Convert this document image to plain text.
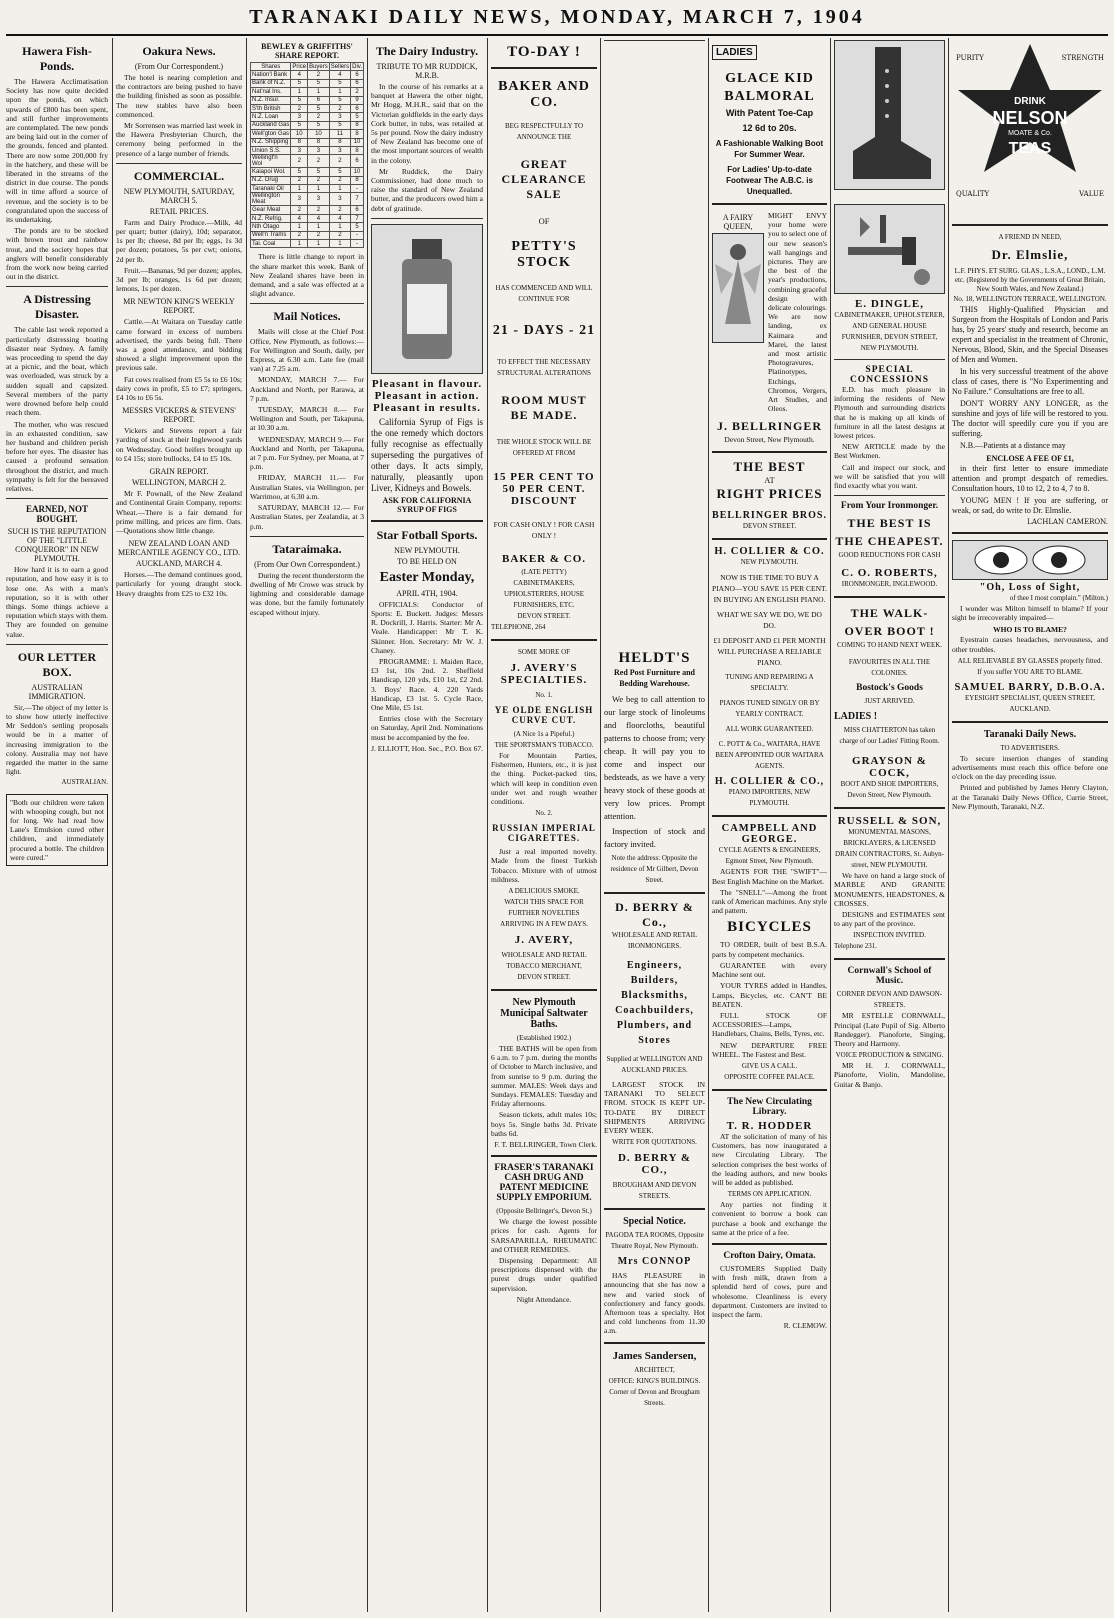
TARANAKI DAILY NEWS, MONDAY, MARCH 7, 1904
Hawera Fish-Ponds.
The Hawera Acclimatisation Society has now quite decided upon the ponds, on which upwards of £800 has been spent, and still further improvements are contemplated. The new ponds are being laid out in the corner of the grounds, fenced and planted. There are now some 200,000 fry in the hatchery, and these will be liberated in the streams of the district in due course. The ponds will in time afford a source of revenue, and the society is to be congratulated upon the success of its undertaking.
The ponds are to be stocked with brown trout and rainbow trout, and the society hopes that anglers will benefit considerably from the work now being carried out in the district.
A Distressing Disaster.
The cable last week reported a particularly distressing boating disaster near Sydney. A family was proceeding to spend the day at a picnic, and the boat, which was overloaded, was struck by a sudden squall and capsized. Several members of the party were drowned before help could reach them.
The mother, who was rescued in an exhausted condition, saw her husband and children perish before her eyes. The disaster has caused a profound sensation throughout the district, and much sympathy is felt for the bereaved relatives.
EARNED, NOT BOUGHT.
SUCH IS THE REPUTATION OF THE "LITTLE CONQUEROR" IN NEW PLYMOUTH.
How hard it is to earn a good reputation, and how easy it is to lose one. As with a man's reputation, so it is with other things. Some things achieve a reputation which stays with them. They are founded on genuine value.
OUR LETTER BOX.
AUSTRALIAN IMMIGRATION.
Sir,—The object of my letter is to show how utterly ineffective Mr Seddon's settling proposals would be in a matter of increasing immigration to the colony. Australia may not have regarded the matter in the same light.
AUSTRALIAN.
"Both our children were taken with whooping cough, but not for long. We had read how Lane's Emulsion cured other children, and immediately procured a bottle. The children were cured."
Oakura News.
(From Our Correspondent.)
The hotel is nearing completion and the contractors are being pushed to have the building finished as soon as possible. The new stables have also been commenced.
Mr Sorrensen was married last week in the Hawera Presbyterian Church, the ceremony being performed in the presence of a large number of friends.
COMMERCIAL.
NEW PLYMOUTH, SATURDAY, MARCH 5.
RETAIL PRICES.
Farm and Dairy Produce.—Milk, 4d per quart; butter (dairy), 10d; separator, 1s per lb; cheese, 8d per lb; eggs, 1s 3d per dozen; potatoes, 5s per cwt; onions, 2d per lb.
Fruit.—Bananas, 9d per dozen; apples, 3d per lb; oranges, 1s 6d per dozen; lemons, 1s per dozen.
MR NEWTON KING'S WEEKLY REPORT.
Cattle.—At Waitara on Tuesday cattle came forward in excess of numbers advertised, the yards being full. There was a good attendance, and bidding showed a slight improvement upon the previous sale.
Fat cows realised from £5 5s to £6 10s; dairy cows in profit, £5 to £7; springers, £4 10s to £6 5s.
MESSRS VICKERS & STEVENS' REPORT.
Vickers and Stevens report a fair yarding of stock at their Inglewood yards on Wednesday. Good heifers brought up to £4 15s; store bullocks, £4 to £5 10s.
GRAIN REPORT.
WELLINGTON, MARCH 2.
Mr F. Pownall, of the New Zealand and Continental Grain Company, reports: Wheat.—There is a fair demand for prime milling, and prices are firm. Oats.—Quotations show little change.
NEW ZEALAND LOAN AND MERCANTILE AGENCY CO., LTD.
AUCKLAND, MARCH 4.
Horses.—The demand continues good, particularly for young draught stock. Heavy draughts from £25 to £32 10s.
BEWLEY & GRIFFITHS' SHARE REPORT.
Shares	Price	Buyers	Sellers	Div.
Nation'l Bank	4	2	4	6
Bank of N.Z.	5	5	5	6
Nat'nal Ins.	1	1	1	2
N.Z. Insur.	5	6	5	9
S'th British	2	5	2	6
N.Z. Loan	3	2	3	5
Auckland Gas	5	5	5	8
Well'gton Gas	10	10	11	8
N.Z. Shipping	8	8	8	10
Union S.S.	3	3	3	8
Wellingt'n Wol	2	2	2	6
Kaiapoi Wol.	5	5	5	10
N.Z. Drug	2	2	2	8
Taranaki Oil	1	1	1	-
Wellington Meat	3	3	3	7
Gear Meat	2	2	2	6
N.Z. Refrig.	4	4	4	7
Nth Otago	1	1	1	5
Well'n Trams	2	2	2	-
Tai. Coal	1	1	1	-
There is little change to report in the share market this week. Bank of New Zealand shares have been in demand, and a sale was effected at a slight advance.
Mail Notices.
Mails will close at the Chief Post Office, New Plymouth, as follows:— For Wellington and South, daily, per Express, at 6.30 a.m. Late fee (mail van) at 7.25 a.m.
MONDAY, MARCH 7.— For Auckland and North, per Rarawa, at 7 p.m.
TUESDAY, MARCH 8.— For Wellington and South, per Takapuna, at 10.30 a.m.
WEDNESDAY, MARCH 9.— For Auckland and North, per Takapuna, at 7 p.m. For Sydney, per Moana, at 7 p.m.
FRIDAY, MARCH 11.— For Australian States, via Wellington, per Warrimoo, at 6.30 a.m.
SATURDAY, MARCH 12.— For Australian States, per Zealandia, at 3 p.m.
Tataraimaka.
(From Our Own Correspondent.)
During the recent thunderstorm the dwelling of Mr Crowe was struck by lightning and considerable damage was done, but the family fortunately escaped without injury.
The Dairy Industry.
TRIBUTE TO MR RUDDICK, M.R.B.
In the course of his remarks at a banquet at Hawera the other night, Mr Hogg, M.H.R., said that on the Victorian goldfields in the early days Cork butter, in tubs, was retailed at 5s per pound. Now the dairy industry of New Zealand has become one of the most important sources of wealth in the colony.
Mr Ruddick, the Dairy Commissioner, had done much to raise the standard of New Zealand butter, and the producers owed him a debt of gratitude.
Pleasant in flavour.
Pleasant in action.
Pleasant in results.
California Syrup of Figs is the one remedy which doctors fully recognise as effectually superseding the purgatives of other days. It acts simply, naturally, pleasantly upon Liver, Kidneys and Bowels.
ASK FOR CALIFORNIA SYRUP OF FIGS
Star Fotball Sports.
NEW PLYMOUTH.
TO BE HELD ON
Easter Monday,
APRIL 4TH, 1904.
OFFICIALS: Conductor of Sports: E. Buckett. Judges: Messrs R. Dockrill, J. Harris. Starter: Mr A. Veale. Handicapper: Mr T. K. Skinner. Hon. Secretary: Mr W. J. Chaney.
PROGRAMME: 1. Maiden Race, £3 1st, 10s 2nd. 2. Sheffield Handicap, 120 yds, £10 1st, £2 2nd. 3. Boys' Race. 4. 220 Yards Handicap, £3 1st. 5. Cycle Race, One Mile, £5 1st.
Entries close with the Secretary on Saturday, April 2nd. Nominations must be accompanied by the fee.
J. ELLIOTT, Hon. Sec., P.O. Box 67.
TO-DAY !
BAKER AND CO.
BEG RESPECTFULLY TO ANNOUNCE THE
GREAT CLEARANCE SALE
OF
PETTY'S STOCK
HAS COMMENCED AND WILL CONTINUE FOR
21 - DAYS - 21
TO EFFECT THE NECESSARY STRUCTURAL ALTERATIONS
ROOM MUST BE MADE.
THE WHOLE STOCK WILL BE OFFERED AT FROM
15 PER CENT TO 50 PER CENT. DISCOUNT
FOR CASH ONLY ! FOR CASH ONLY !
BAKER & CO.
(LATE PETTY)
CABINETMAKERS, UPHOLSTERERS, HOUSE FURNISHERS, ETC.
DEVON STREET.
TELEPHONE, 264
SOME MORE OF
J. AVERY'S SPECIALTIES.
No. 1.
YE OLDE ENGLISH CURVE CUT.
(A Nice 1s a Pipeful.)
THE SPORTSMAN'S TOBACCO.
For Mountain Parties, Fishermen, Hunters, etc., it is just the thing. Pocket-packed tins, which will keep in condition even under wet and rough weather conditions.
No. 2.
RUSSIAN IMPERIAL CIGARETTES.
Just a real imported novelty. Made from the finest Turkish Tobacco. Mixture with of utmost mildness.
A DELICIOUS SMOKE.
WATCH THIS SPACE FOR FURTHER NOVELTIES ARRIVING IN A FEW DAYS.
J. AVERY,
WHOLESALE AND RETAIL TOBACCO MERCHANT,
DEVON STREET.
New Plymouth Municipal Saltwater Baths.
(Established 1902.)
THE BATHS will be open from 6 a.m. to 7 p.m. during the months of October to March inclusive, and from sunrise to 9 p.m. during the summer. MALES: Week days and Sundays. FEMALES: Tuesday and Friday afternoons.
Season tickets, adult males 10s; boys 5s. Single baths 3d. Private baths 6d.
F. T. BELLRINGER, Town Clerk.
FRASER'S TARANAKI CASH DRUG AND PATENT MEDICINE SUPPLY EMPORIUM.
(Opposite Bellringer's, Devon St.)
We charge the lowest possible prices for cash. Agents for SARSAPARILLA, RHEUMATIC and OTHER REMEDIES.
Dispensing Department: All prescriptions dispensed with the purest drugs under qualified supervision.
Night Attendance.
HELDT'S
Red Post Furniture and Bedding Warehouse.
We beg to call attention to our large stock of linoleums and floorcloths, beautiful patterns to choose from; very cheap. It will pay you to come and inspect our bedsteads, as we have a very heavy stock of these goods at very low prices. Prompt attention.
Inspection of stock and factory invited.
Note the address: Opposite the residence of Mr Gilbert, Devon Street.
D. BERRY & Co.,
WHOLESALE AND RETAIL IRONMONGERS.
Engineers, Builders, Blacksmiths, Coachbuilders, Plumbers, and Stores
Supplied at WELLINGTON AND AUCKLAND PRICES.
LARGEST STOCK IN TARANAKI TO SELECT FROM. STOCK IS KEPT UP-TO-DATE BY DIRECT SHIPMENTS ARRIVING EVERY WEEK.
WRITE FOR QUOTATIONS.
D. BERRY & CO.,
BROUGHAM AND DEVON STREETS.
Special Notice.
PAGODA TEA ROOMS, Opposite Theatre Royal, New Plymouth.
Mrs CONNOP
HAS PLEASURE in announcing that she has now a new and varied stock of confectionery and fancy goods. Afternoon teas a specialty. Hot and cold luncheons from 11.30 a.m.
James Sandersen,
ARCHITECT,
OFFICE: KING'S BUILDINGS. Corner of Devon and Brougham Streets.
LADIES
GLACE KID BALMORAL
With Patent Toe-Cap
12 6d to 20s.
A Fashionable Walking Boot For Summer Wear.
For Ladies' Up-to-date Footwear The A.B.C. is Unequalled.
A FAIRY QUEEN,
MIGHT ENVY your home were you to select one of our new season's wall hangings and pictures. They are the best of the year's productions, combining graceful design with delicate colourings. We are now landing, ex Kaimara and Marei, the latest and most artistic Photogravures, Platinotypes, Etchings, Chromos, Vergers, Art Studies, and Oleos.
J. BELLRINGER
Devon Street, New Plymouth.
THE BEST
AT
RIGHT PRICES
BELLRINGER BROS.
DEVON STREET.
H. COLLIER & CO.
NEW PLYMOUTH.
NOW IS THE TIME TO BUY A PIANO—YOU SAVE 15 PER CENT. IN BUYING AN ENGLISH PIANO.
WHAT WE SAY WE DO, WE DO DO.
£1 DEPOSIT AND £1 PER MONTH WILL PURCHASE A RELIABLE PIANO.
TUNING AND REPAIRING A SPECIALTY.
PIANOS TUNED SINGLY OR BY YEARLY CONTRACT.
ALL WORK GUARANTEED.
C. POTT & Co., WAITARA, HAVE BEEN APPOINTED OUR WAITARA AGENTS.
H. COLLIER & CO.,
PIANO IMPORTERS, NEW PLYMOUTH.
CAMPBELL AND GEORGE.
CYCLE AGENTS & ENGINEERS, Egmont Street, New Plymouth.
AGENTS FOR THE "SWIFT"—Best English Machine on the Market.
The "SNELL"—Among the front rank of American machines. Any style and pattern.
BICYCLES
TO ORDER, built of best B.S.A. parts by competent mechanics.
GUARANTEE with every Machine sent out.
YOUR TYRES added in Handles, Lamps, Bicycles, etc. CAN'T BE BEATEN.
FULL STOCK OF ACCESSORIES—Lamps, Handlebars, Chains, Bells, Tyres, etc.
NEW DEPARTURE FREE WHEEL. The Fastest and Best.
GIVE US A CALL.
OPPOSITE COFFEE PALACE.
The New Circulating Library.
T. R. HODDER
AT the solicitation of many of his Customers, has now inaugurated a new Circulating Library. The selection comprises the best works of the leading authors, and new books will be added as published.
TERMS ON APPLICATION.
Any parties not finding it convenient to borrow a book can purchase a book and exchange the same at the price of a fee.
Crofton Dairy, Omata.
CUSTOMERS Supplied Daily with fresh milk, drawn from a splendid herd of cows, pure and wholesome. Cleanliness is every department. Customers are invited to inspect the farm.
R. CLEMOW.
E. DINGLE,
CABINETMAKER, UPHOLSTERER, AND GENERAL HOUSE FURNISHER, DEVON STREET, NEW PLYMOUTH.
SPECIAL CONCESSIONS
E.D. has much pleasure in informing the residents of New Plymouth and surrounding districts that he is making up all kinds of furniture in all the latest designs at lowest prices.
NEW ARTICLE made by the Best Workmen.
Call and inspect our stock, and we will be satisfied that you will find exactly what you want.
From Your Ironmonger.
THE BEST IS THE CHEAPEST.
GOOD REDUCTIONS FOR CASH
C. O. ROBERTS,
IRONMONGER, INGLEWOOD.
THE WALK-OVER BOOT !
COMING TO HAND NEXT WEEK.
FAVOURITES IN ALL THE COLONIES.
Bostock's Goods
JUST ARRIVED.
LADIES !
MISS CHATTERTON has taken charge of our Ladies' Fitting Room.
GRAYSON & COCK,
BOOT AND SHOE IMPORTERS, Devon Street, New Plymouth.
RUSSELL & SON,
MONUMENTAL MASONS, BRICKLAYERS, & LICENSED DRAIN CONTRACTORS, St. Aubyn-street, NEW PLYMOUTH.
We have on hand a large stock of MARBLE AND GRANITE MONUMENTS, HEADSTONES, & CROSSES.
DESIGNS and ESTIMATES sent to any part of the province.
INSPECTION INVITED.
Telephone 231.
Cornwall's School of Music.
CORNER DEVON AND DAWSON-STREETS.
MR ESTELLE CORNWALL, Principal (Late Pupil of Sig. Alberto Randegger). Pianoforte, Singing, Theory and Harmony.
VOICE PRODUCTION & SINGING.
MR H. J. CORNWALL, Pianoforte, Violin, Mandoline, Guitar & Banjo.
DRINK
NELSON
MOATE & Co.
TEAS
PURITY	STRENGTH
QUALITY	VALUE
A FRIEND IN NEED,
Dr. Elmslie,
L.F. PHYS. ET SURG. GLAS., L.S.A., LOND., L.M. etc. (Registered by the Governments of Great Britain, New South Wales, and New Zealand.)
No. 18, WELLINGTON TERRACE, WELLINGTON.
THIS Highly-Qualified Physician and Surgeon from the Hospitals of London and Paris has, by 25 years' study and research, become an expert and specialist in the treatment of Chronic, Nervous, Blood, Skin, and the Special Diseases of Men and Women.
In his very successful treatment of the above class of cases, there is "No Experimenting and No Failure." Consultations are free to all.
DON'T WORRY ANY LONGER, as the sunshine and joys of life will be restored to you. The doctor will speedily cure you if you are suffering.
N.B.—Patients at a distance may
ENCLOSE A FEE OF £1,
in their first letter to ensure immediate attention and prompt despatch of remedies. Consultation hours, 10 to 12, 2 to 4, 7 to 8.
YOUNG MEN ! If you are suffering, or weak, or sad, do write to Dr. Elmslie.
LACHLAN CAMERON.
"Oh, Loss of Sight,
of thee I most complain." (Milton.)
I wonder was Milton himself to blame? If your sight be irrecoverably impaired—
WHO IS TO BLAME?
Eyestrain causes headaches, nervousness, and other troubles.
ALL RELIEVABLE BY GLASSES properly fitted.
If you suffer YOU ARE TO BLAME.
SAMUEL BARRY, D.B.O.A.
EYESIGHT SPECIALIST, QUEEN STREET, AUCKLAND.
Taranaki Daily News.
TO ADVERTISERS.
To secure insertion changes of standing advertisements must reach this office before one o'clock on the day preceding issue.
Printed and published by James Henry Clayton, at the Taranaki Daily News Office, Currie Street, New Plymouth, Taranaki, N.Z.
